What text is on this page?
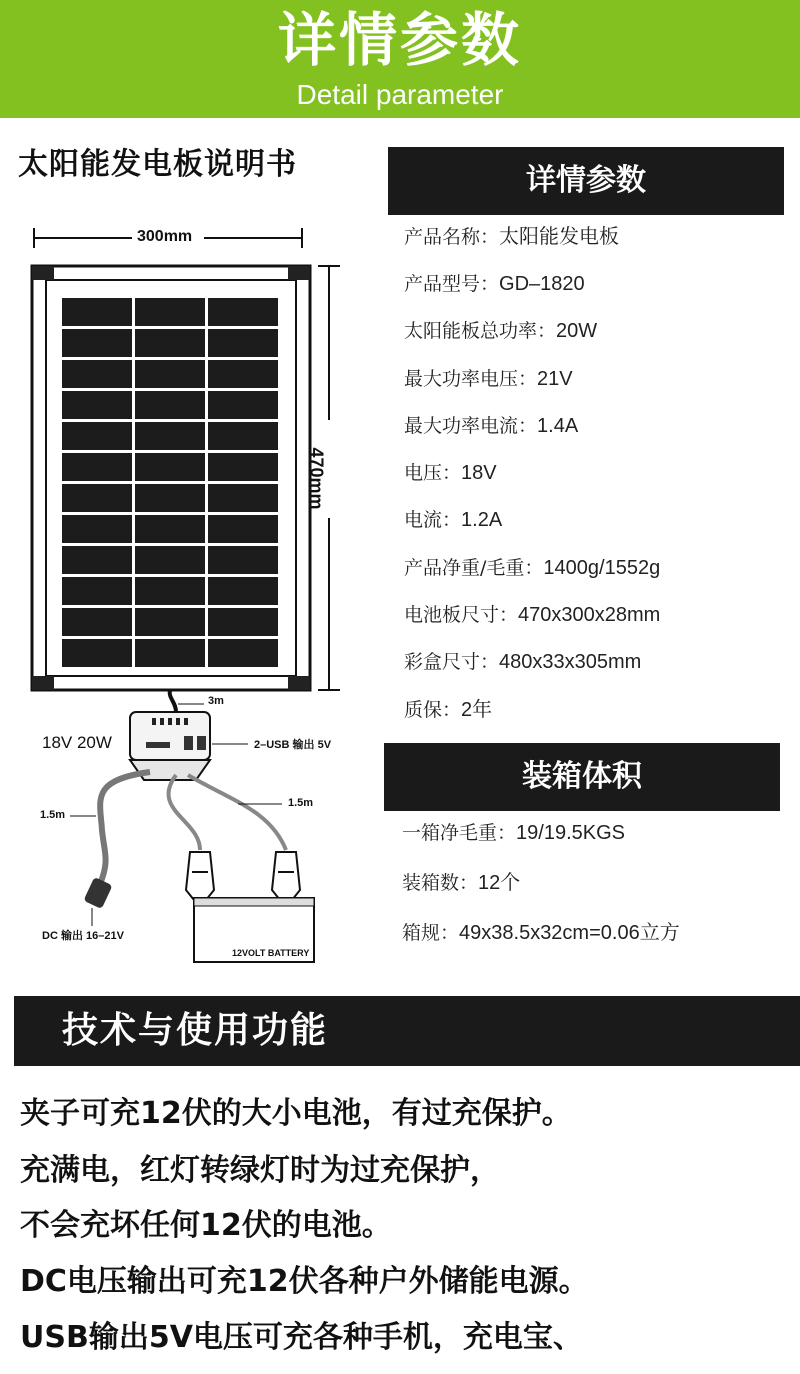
详情参数
Detail parameter
太阳能发电板说明书	详情参数
产品名称：太阳能发电板
产品型号：GD–1820
太阳能板总功率：20W
最大功率电压：21V
最大功率电流：1.4A
电压：18V
电流：1.2A
产品净重/毛重：1400g/1552g
电池板尺寸：470x300x28mm
彩盒尺寸：480x33x305mm
质保：2年
装箱体积
一箱净毛重：19/19.5KGS
装箱数：12个
箱规：49x38.5x32cm=0.06立方
300mm
470mm
3m
18V 20W	2–USB 输出 5V
1.5m
1.5m
DC 输出 16–21V
12VOLT BATTERY
技术与使用功能
夹子可充12伏的大小电池，有过充保护。
充满电，红灯转绿灯时为过充保护，
不会充坏任何12伏的电池。
DC电压输出可充12伏各种户外储能电源。
USB输出5V电压可充各种手机，充电宝、
